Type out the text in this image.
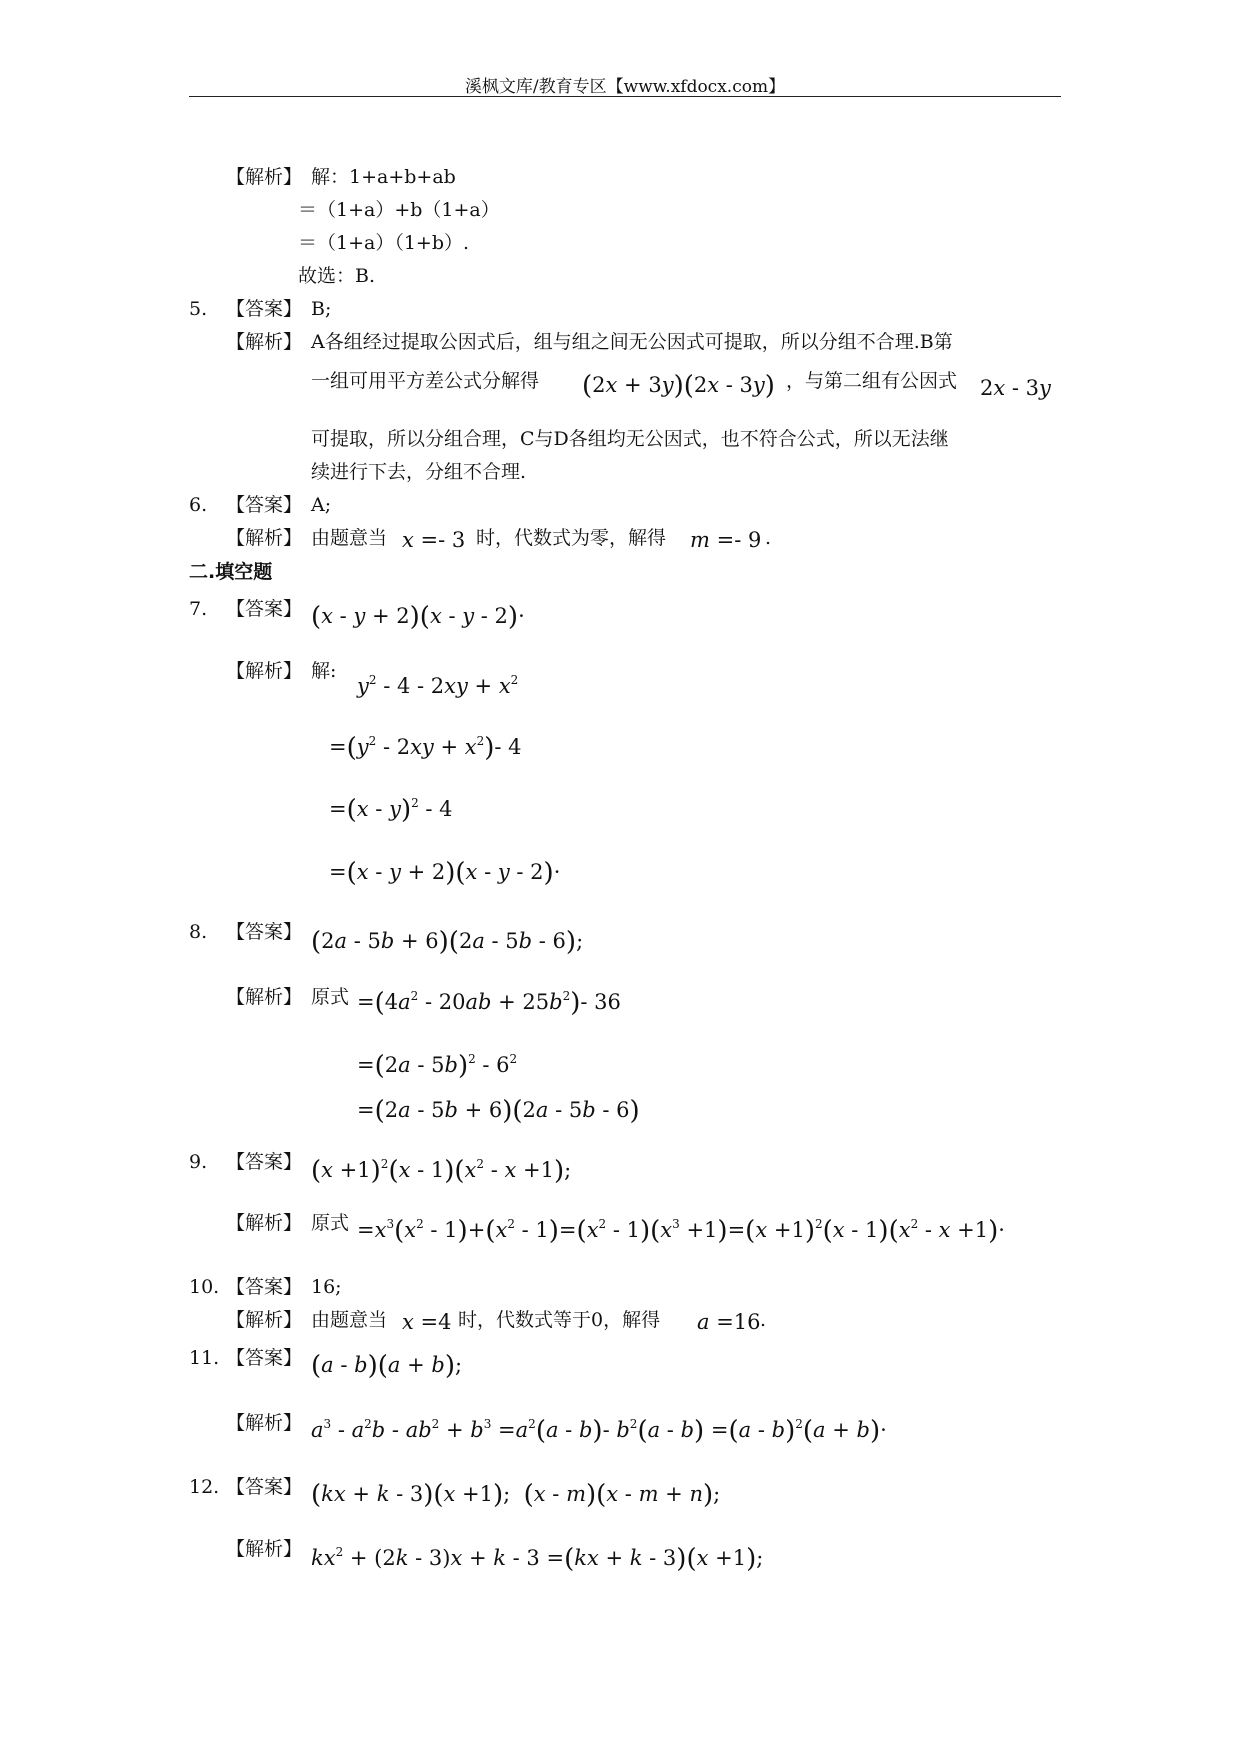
溪枫文库/教育专区【www.xfdocx.com】
【解析】 解：1+a+b+ab
＝（1+a）+b（1+a）
＝（1+a）（1+b）.
故选：B.
5. 【答案】 B;
【解析】 A各组经过提取公因式后，组与组之间无公因式可提取，所以分组不合理.B第
一组可用平方差公式分解得 (2x + 3y)(2x - 3y) ，与第二组有公因式 2x - 3y
可提取，所以分组合理，C与D各组均无公因式，也不符合公式，所以无法继
续进行下去，分组不合理.
6. 【答案】 A;
【解析】 由题意当 x =- 3 时，代数式为零，解得 m =- 9 .
二.填空题
7. 【答案】 (x - y + 2)(x - y - 2)·
【解析】 解:
$y^2 - 4 - 2xy + x^2$
$=(y^2 - 2xy + x^2)-$ 4
=(x - y)$^2$ - 4
=(x - y + 2)(x - y - 2)·
8. 【答案】 (2a - 5b + 6)(2a - 5b - 6);
【解析】 原式 $=(4a^2 - 20ab + 25b^2)-$ 36
$=(2a - 5b)^2 - 6^2$
=(2a - 5b + 6)(2a - 5b - 6)
9. 【答案】 $(x +1)^2(x - 1)(x^2 - x +1)$;
【解析】 原式 $=x^3(x^2 - 1)+(x^2 - 1)=(x^2 - 1)(x^3 +1)=(x +1)^2(x - 1)(x^2 - x +1)\cdot$
10. 【答案】 16;
【解析】 由题意当 x =4 时，代数式等于0，解得 a =16 .
11. 【答案】 (a - b)(a + b);
【解析】 $a^3 - a^2b - ab^2 + b^3 =a^2(a - b)-$ $b^2(a - b) =(a - b)^2(a + b)\cdot$
12. 【答案】 (kx + k - 3)(x +1);  (x - m)(x - m + n);
【解析】 $kx^2 + (2k - 3)x + k - 3 =(kx + k - 3)(x +1)$;
